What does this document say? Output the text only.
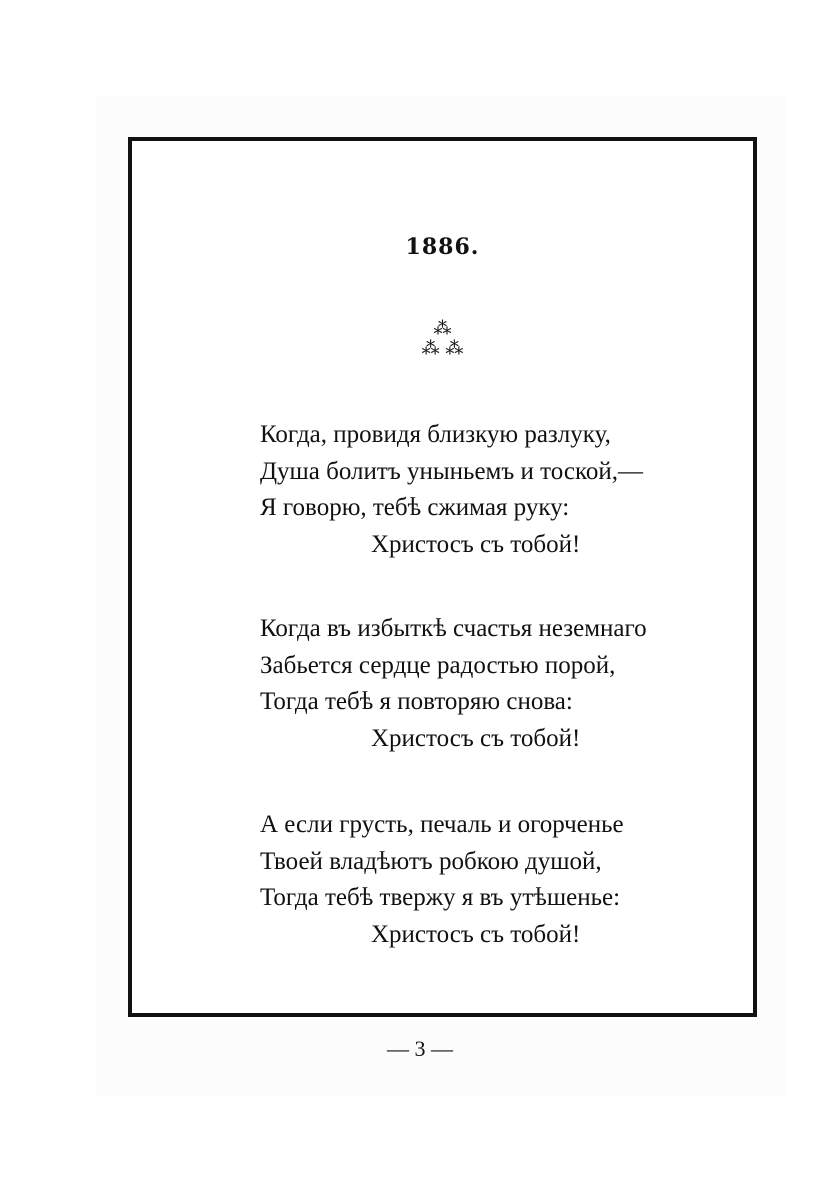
1886.
⁂
⁂ ⁂
Когда, провидя близкую разлуку,
Душа болитъ уныньемъ и тоской,—
Я говорю, тебѣ сжимая руку:
Христосъ съ тобой!
Когда въ избыткѣ счастья неземнаго
Забьется сердце радостью порой,
Тогда тебѣ я повторяю снова:
Христосъ съ тобой!
А если грусть, печаль и огорченье
Твоей владѣютъ робкою душой,
Тогда тебѣ твержу я въ утѣшенье:
Христосъ съ тобой!
— 3 —
